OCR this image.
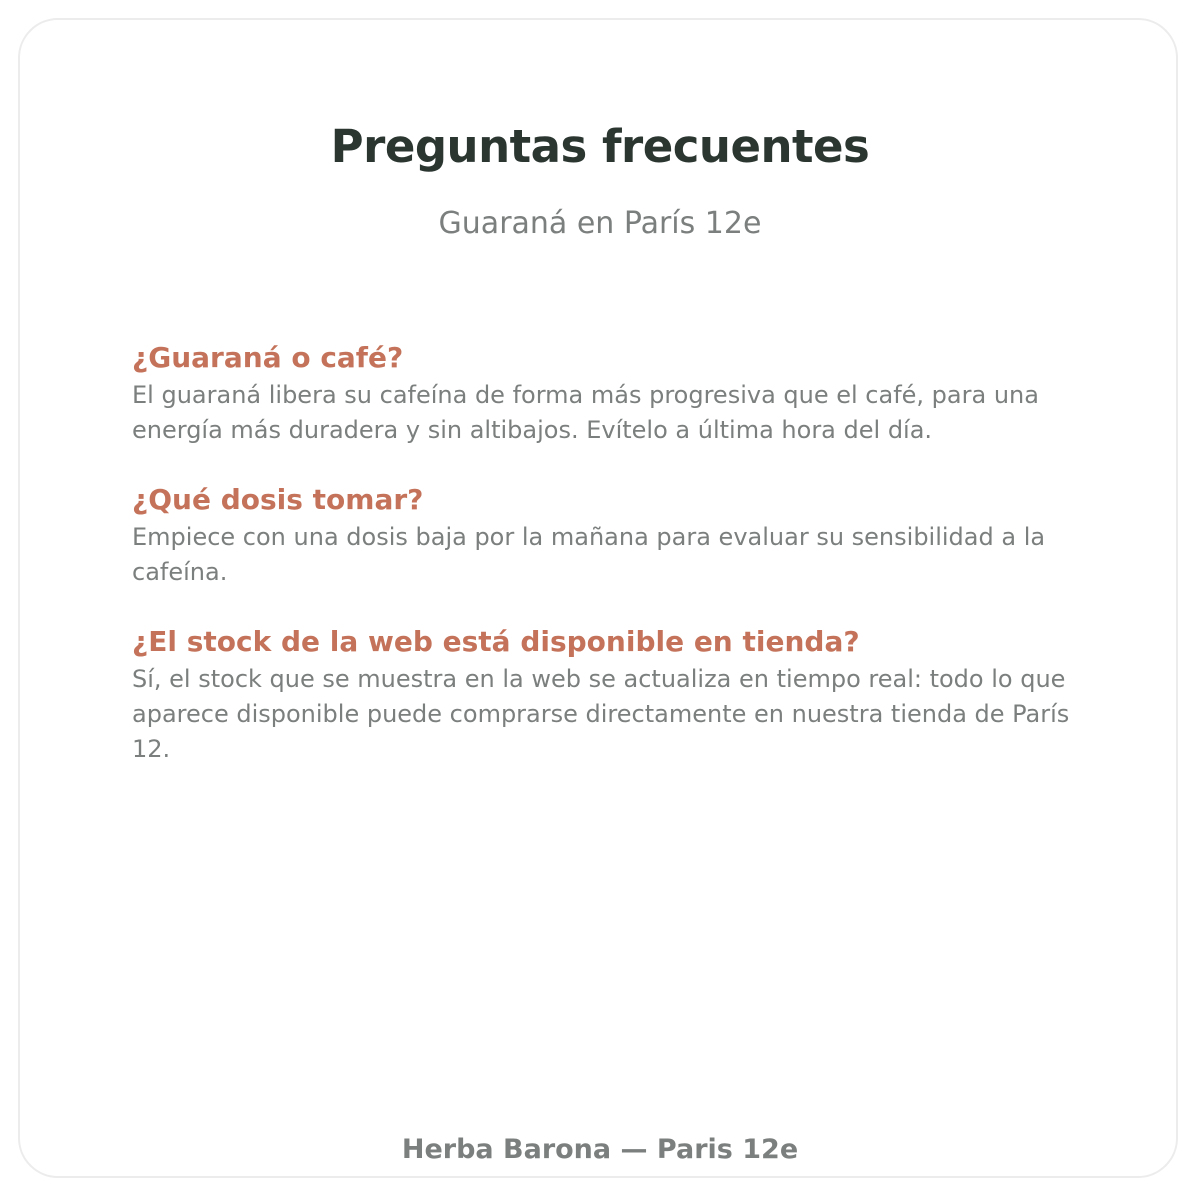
Preguntas frecuentes

Guaraná en París 12e

¿Guaraná o café?

El guaraná libera su cafeína de forma más progresiva que el café, para una energía más duradera y sin altibajos. Evítelo a última hora del día.

¿Qué dosis tomar?

Empiece con una dosis baja por la mañana para evaluar su sensibilidad a la cafeína.

¿El stock de la web está disponible en tienda?

Sí, el stock que se muestra en la web se actualiza en tiempo real: todo lo que aparece disponible puede comprarse directamente en nuestra tienda de París 12.

Herba Barona — Paris 12e
